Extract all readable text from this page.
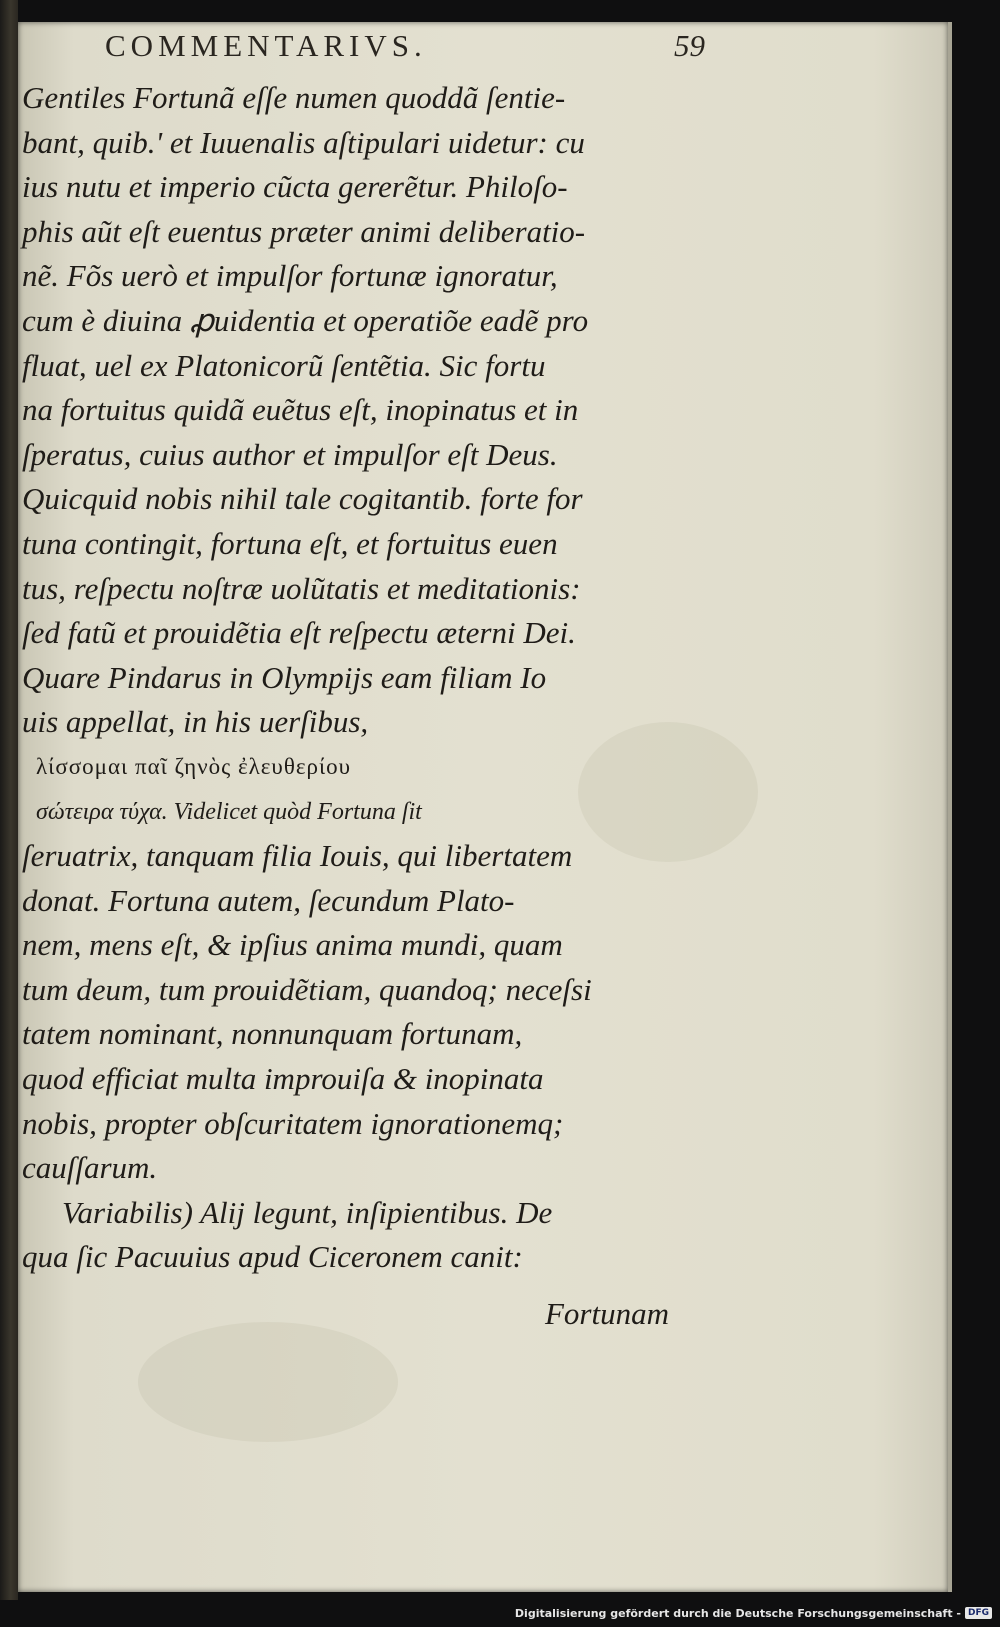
COMMENTARIVS.	59
Gentiles Fortunã eſſe numen quoddã ſentie-
bant, quib.' et Iuuenalis aſtipulari uidetur: cu
ius nutu et imperio cũcta gererẽtur. Philoſo-
phis aũt eſt euentus præter animi deliberatio-
nẽ. Fõs uerò et impulſor fortunæ ignoratur,
cum è diuina ꝓuidentia et operatiõe eadẽ pro
fluat, uel ex Platonicorũ ſentẽtia. Sic fortu
na fortuitus quidã euẽtus eſt, inopinatus et in
ſperatus, cuius author et impulſor eſt Deus.
Quicquid nobis nihil tale cogitantib. forte for
tuna contingit, fortuna eſt, et fortuitus euen
tus, reſpectu noſtræ uolũtatis et meditationis:
ſed fatũ et prouidẽtia eſt reſpectu æterni Dei.
Quare Pindarus in Olympijs eam filiam Io
uis appellat, in his uerſibus,
λίσσομαι παῖ ζηνὸς ἐλευθερίου
σώτειρα τύχα. Videlicet quòd Fortuna ſit
ſeruatrix, tanquam filia Iouis, qui libertatem
donat. Fortuna autem, ſecundum Plato-
nem, mens eſt, & ipſius anima mundi, quam
tum deum, tum prouidẽtiam, quandoq; neceſsi
tatem nominant, nonnunquam fortunam,
quod efficiat multa improuiſa & inopinata
nobis, propter obſcuritatem ignorationemq;
cauſſarum.
Variabilis) Alij legunt, inſipientibus. De
qua ſic Pacuuius apud Ciceronem canit:
Fortunam
Digitalisierung gefördert durch die Deutsche Forschungsgemeinschaft - DFG
